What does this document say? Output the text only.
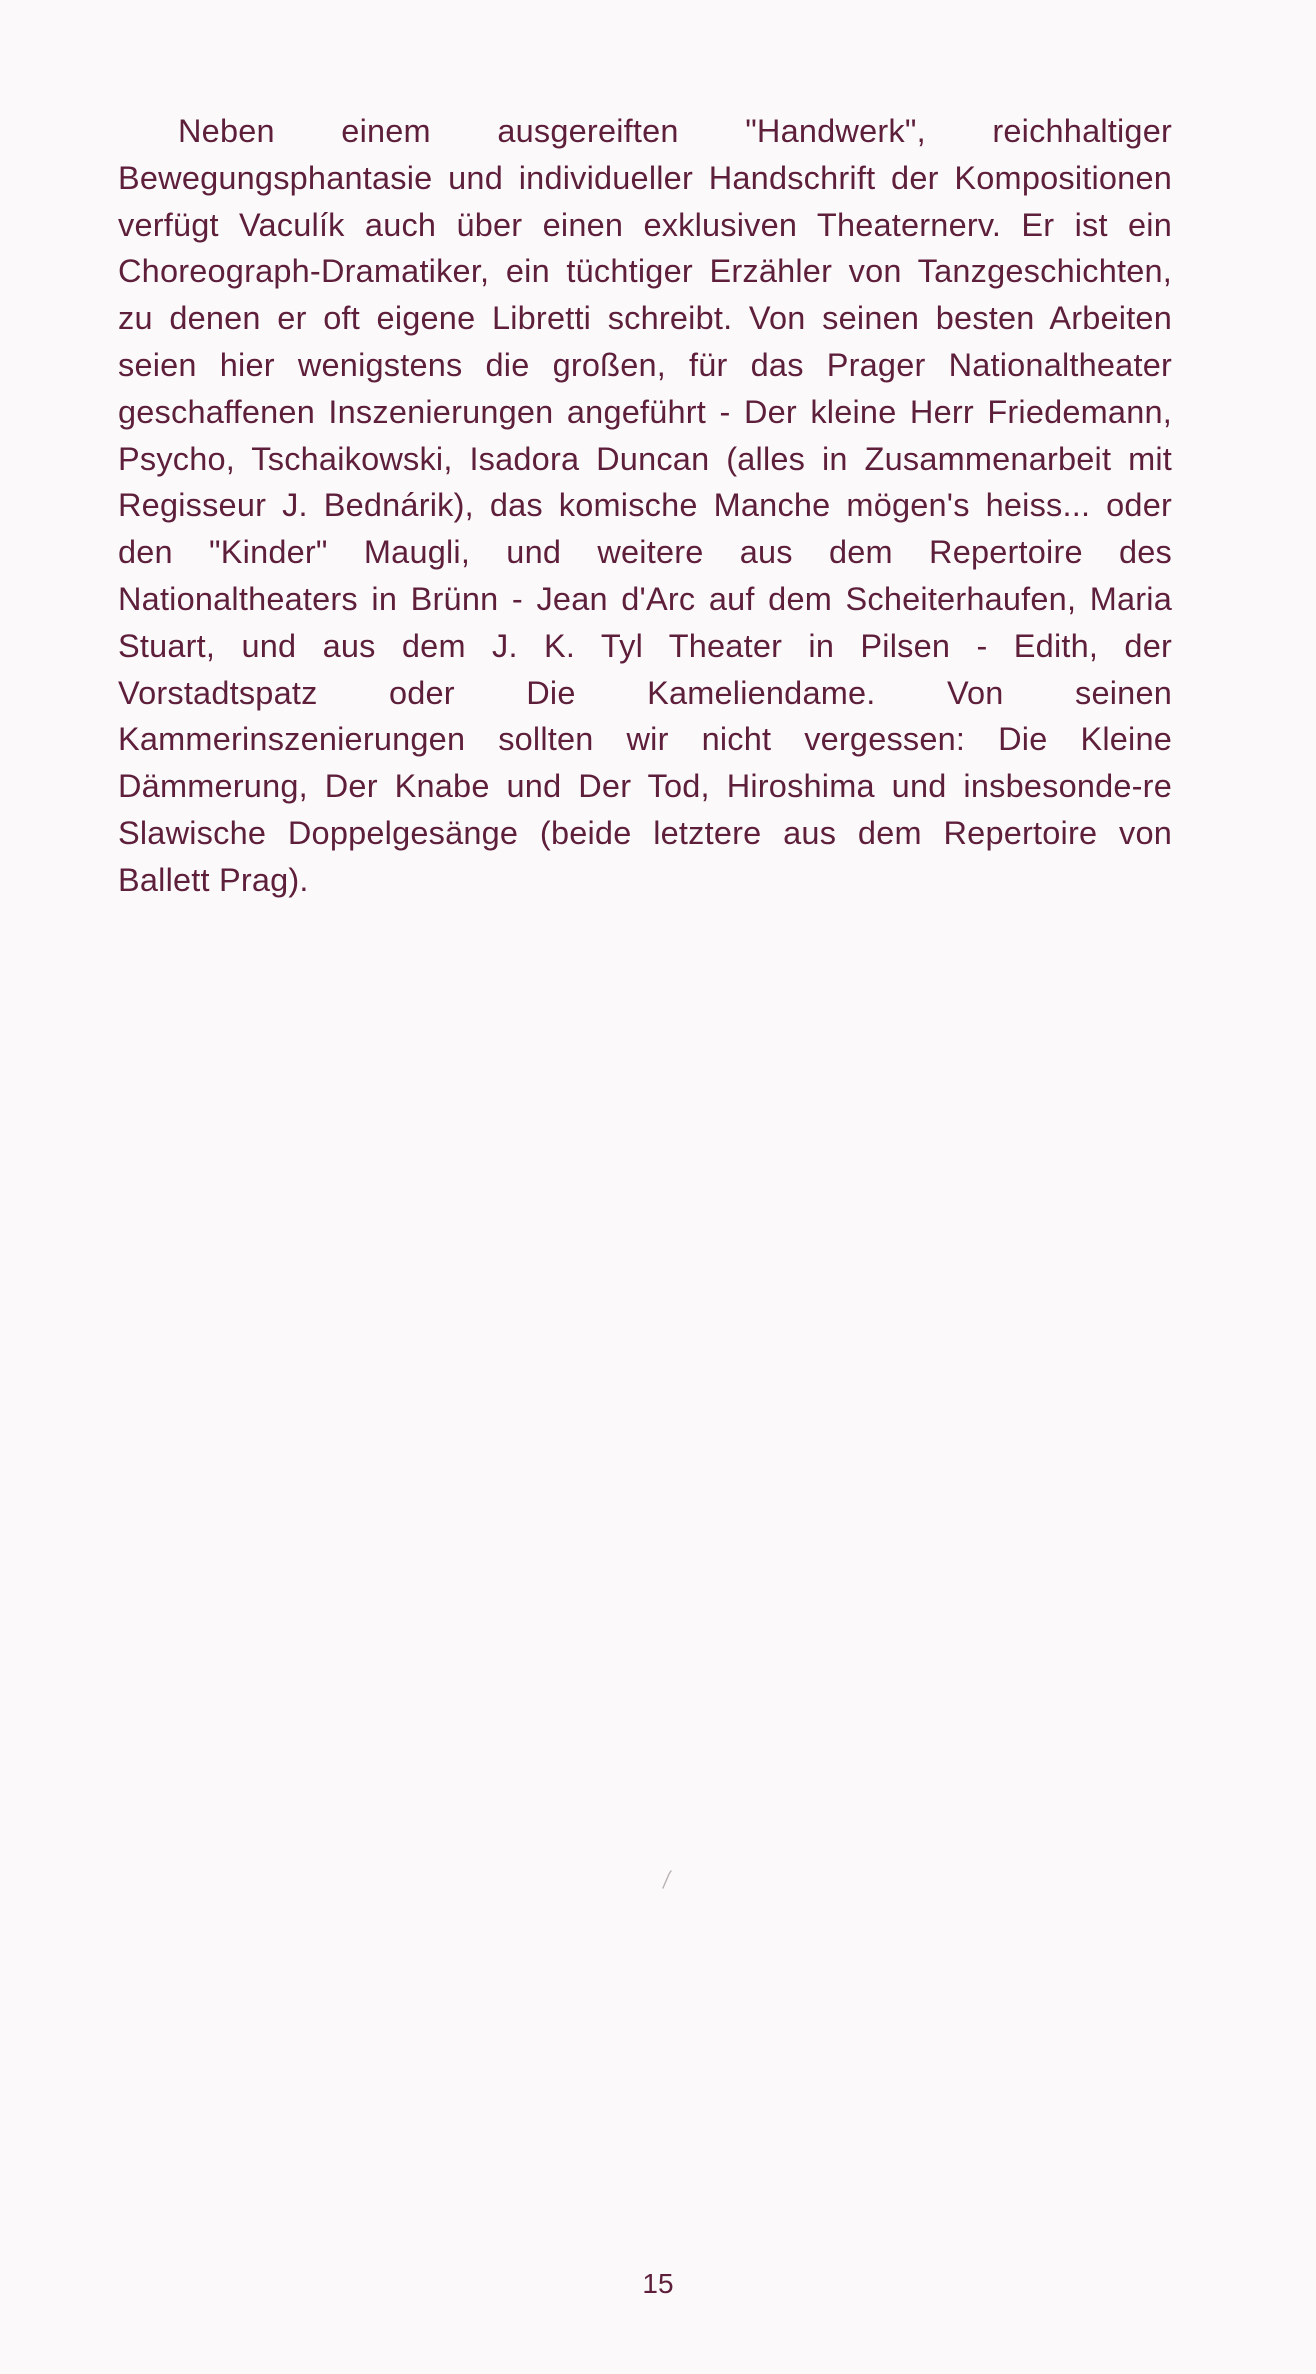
Neben einem ausgereiften "Handwerk", reichhaltiger Bewegungsphantasie und individueller Handschrift der Kompositionen verfügt Vaculík auch über einen exklusiven Theaternerv. Er ist ein Choreograph-Dramatiker, ein tüchtiger Erzähler von Tanzgeschichten, zu denen er oft eigene Libretti schreibt. Von seinen besten Arbeiten seien hier wenigstens die großen, für das Prager Nationaltheater geschaffenen Inszenierungen angeführt - Der kleine Herr Friedemann, Psycho, Tschaikowski, Isadora Duncan (alles in Zusammenarbeit mit Regisseur J. Bednárik), das komische Manche mögen's heiss... oder den "Kinder" Maugli, und weitere aus dem Repertoire des Nationaltheaters in Brünn - Jean d'Arc auf dem Scheiterhaufen, Maria Stuart, und aus dem J. K. Tyl Theater in Pilsen - Edith, der Vorstadtspatz oder Die Kameliendame. Von seinen Kammerinszenierungen sollten wir nicht vergessen: Die Kleine Dämmerung, Der Knabe und Der Tod, Hiroshima und insbesonde-re Slawische Doppelgesänge (beide letztere aus dem Repertoire von Ballett Prag).

15
